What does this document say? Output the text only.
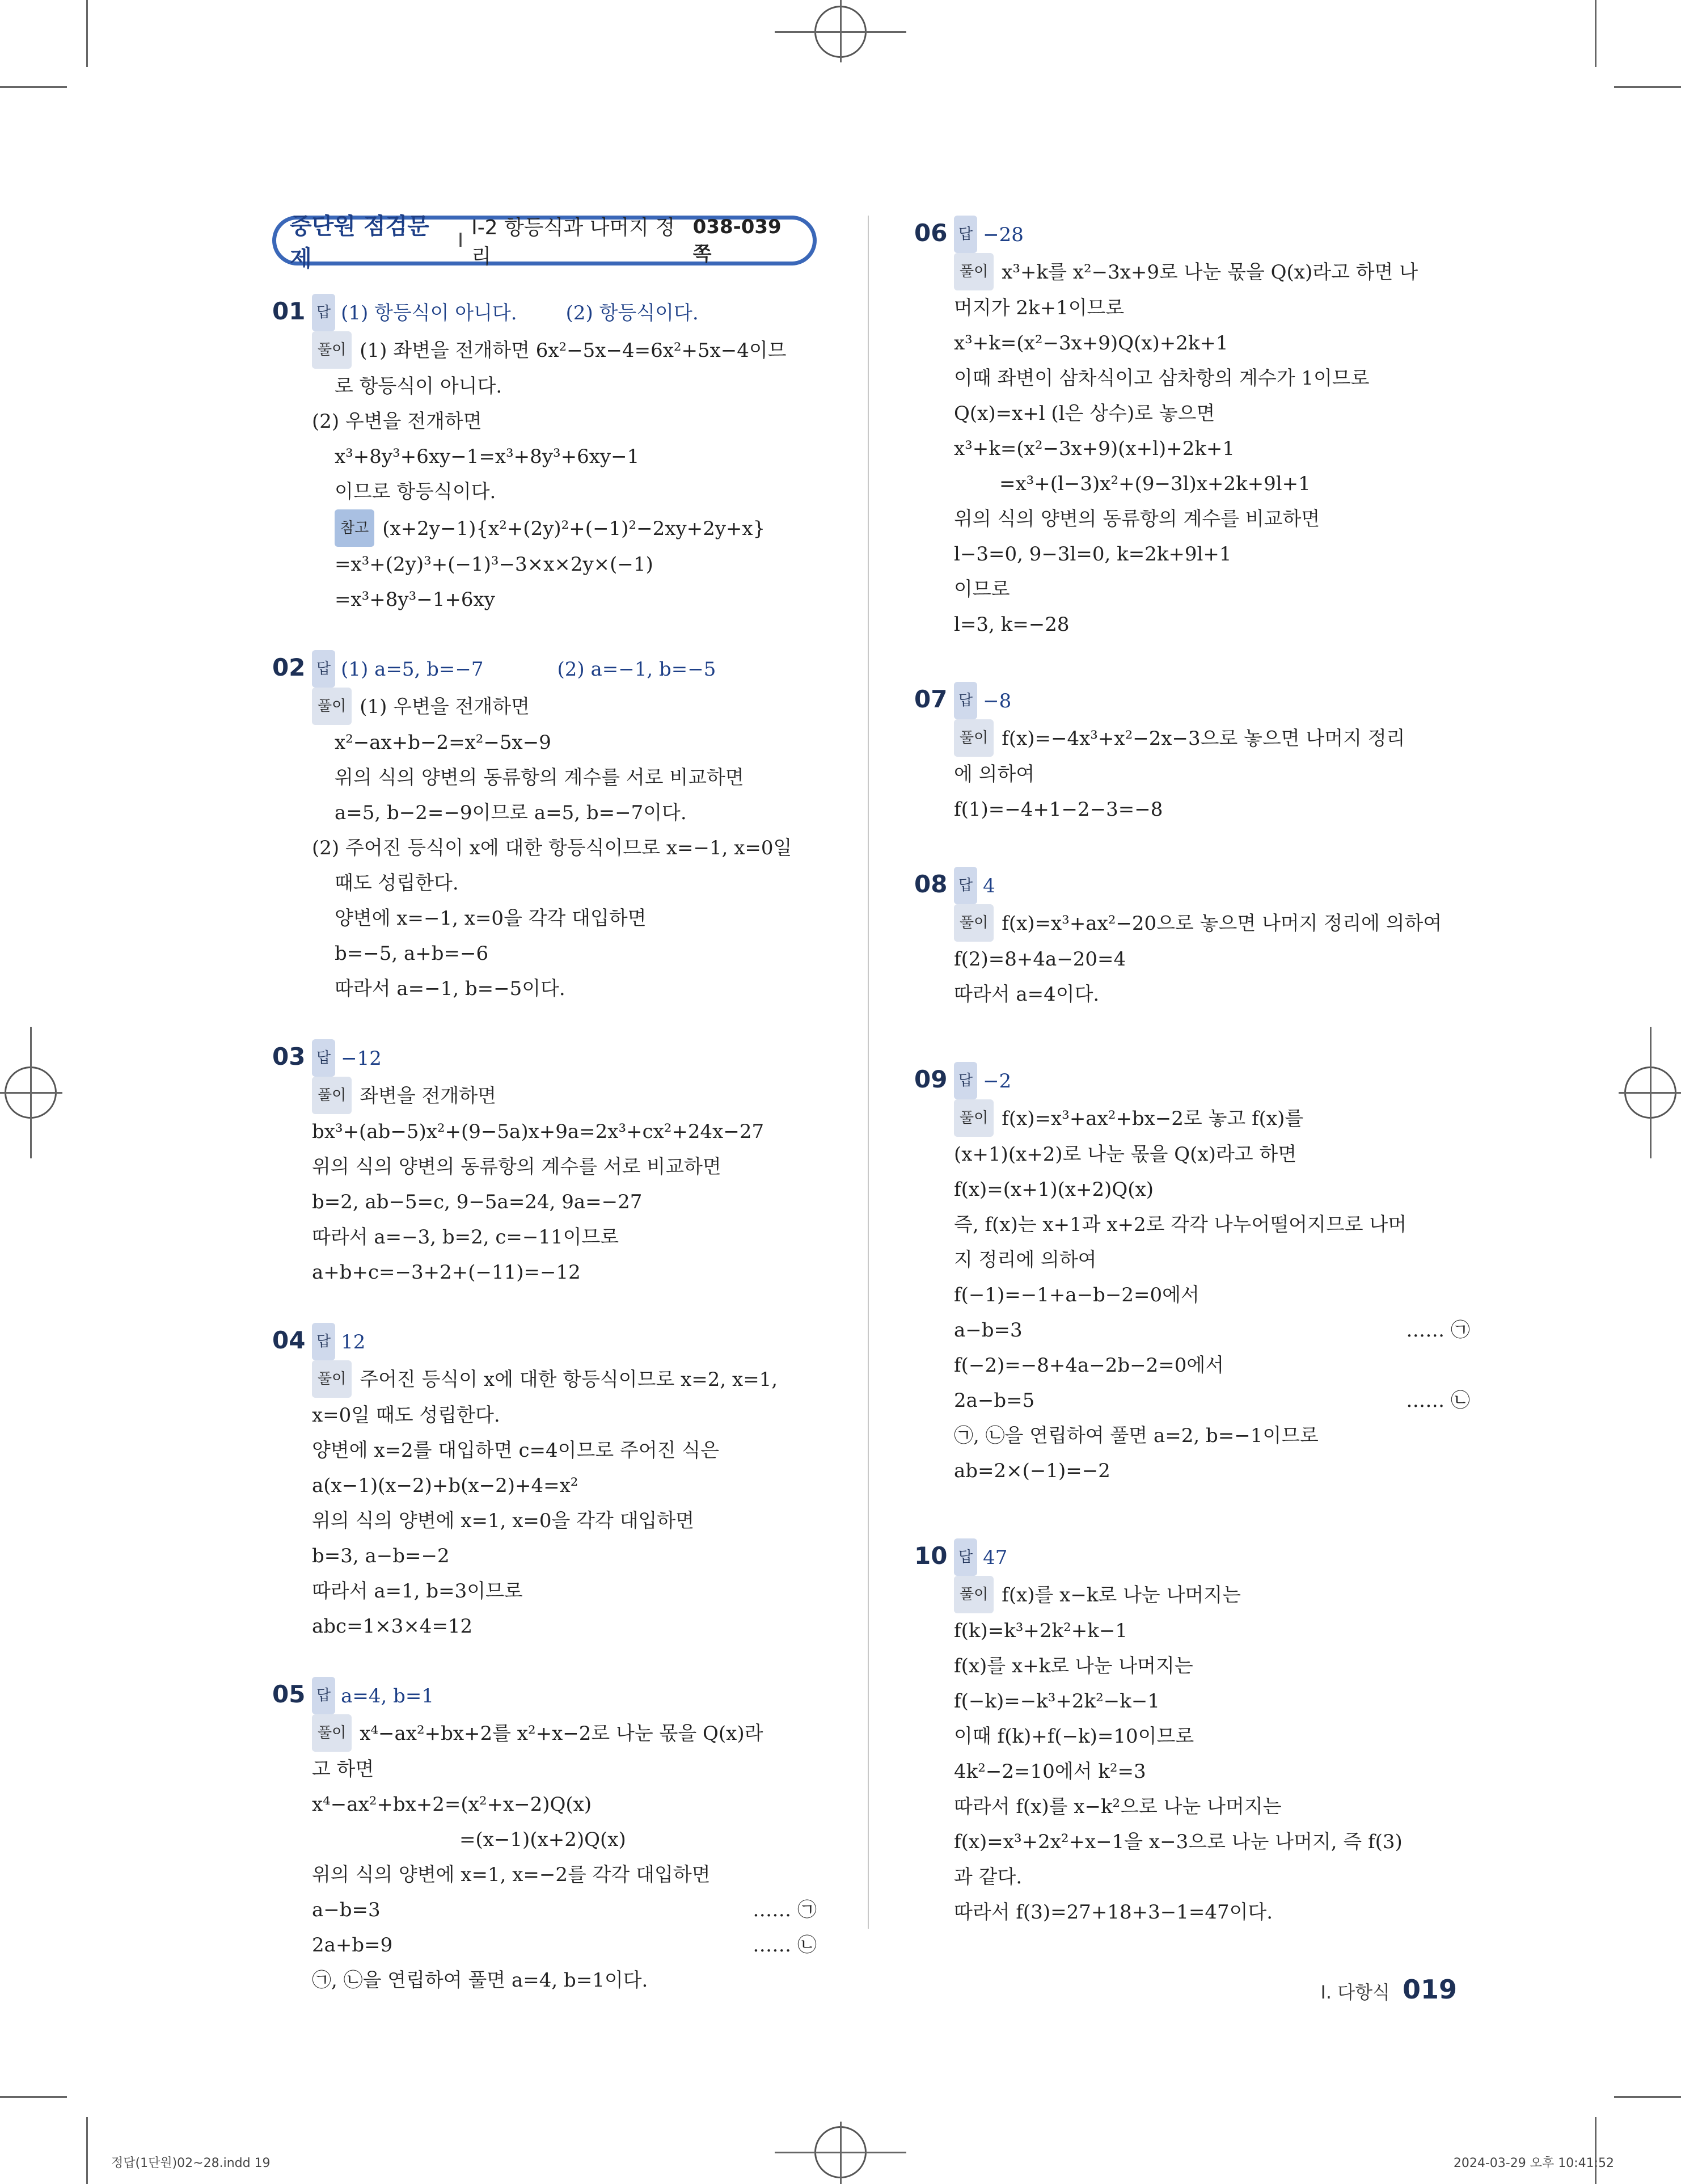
중단원 점검문제
I
I-2 항등식과 나머지 정리
038-039쪽
01 답 (1) 항등식이 아니다.	(2) 항등식이다.
풀이 (1) 좌변을 전개하면 6x²−5x−4=6x²+5x−4이므
로 항등식이 아니다.
(2) 우변을 전개하면
x³+8y³+6xy−1=x³+8y³+6xy−1
이므로 항등식이다.
참고 (x+2y−1){x²+(2y)²+(−1)²−2xy+2y+x}
=x³+(2y)³+(−1)³−3×x×2y×(−1)
=x³+8y³−1+6xy
02 답 (1) a=5, b=−7	(2) a=−1, b=−5
풀이 (1) 우변을 전개하면
x²−ax+b−2=x²−5x−9
위의 식의 양변의 동류항의 계수를 서로 비교하면
a=5, b−2=−9이므로 a=5, b=−7이다.
(2) 주어진 등식이 x에 대한 항등식이므로 x=−1, x=0일
때도 성립한다.
양변에 x=−1, x=0을 각각 대입하면
b=−5, a+b=−6
따라서 a=−1, b=−5이다.
03 답 −12
풀이 좌변을 전개하면
bx³+(ab−5)x²+(9−5a)x+9a=2x³+cx²+24x−27
위의 식의 양변의 동류항의 계수를 서로 비교하면
b=2, ab−5=c, 9−5a=24, 9a=−27
따라서 a=−3, b=2, c=−11이므로
a+b+c=−3+2+(−11)=−12
04 답 12
풀이 주어진 등식이 x에 대한 항등식이므로 x=2, x=1,
x=0일 때도 성립한다.
양변에 x=2를 대입하면 c=4이므로 주어진 식은
a(x−1)(x−2)+b(x−2)+4=x²
위의 식의 양변에 x=1, x=0을 각각 대입하면
b=3, a−b=−2
따라서 a=1, b=3이므로
abc=1×3×4=12
05 답 a=4, b=1
풀이 x⁴−ax²+bx+2를 x²+x−2로 나눈 몫을 Q(x)라
고 하면
x⁴−ax²+bx+2=(x²+x−2)Q(x)
=(x−1)(x+2)Q(x)
위의 식의 양변에 x=1, x=−2를 각각 대입하면
a−b=3	…… ㉠
2a+b=9	…… ㉡
㉠, ㉡을 연립하여 풀면 a=4, b=1이다.
06 답 −28
풀이 x³+k를 x²−3x+9로 나눈 몫을 Q(x)라고 하면 나
머지가 2k+1이므로
x³+k=(x²−3x+9)Q(x)+2k+1
이때 좌변이 삼차식이고 삼차항의 계수가 1이므로
Q(x)=x+l (l은 상수)로 놓으면
x³+k=(x²−3x+9)(x+l)+2k+1
=x³+(l−3)x²+(9−3l)x+2k+9l+1
위의 식의 양변의 동류항의 계수를 비교하면
l−3=0, 9−3l=0, k=2k+9l+1
이므로
l=3, k=−28
07 답 −8
풀이 f(x)=−4x³+x²−2x−3으로 놓으면 나머지 정리
에 의하여
f(1)=−4+1−2−3=−8
08 답 4
풀이 f(x)=x³+ax²−20으로 놓으면 나머지 정리에 의하여
f(2)=8+4a−20=4
따라서 a=4이다.
09 답 −2
풀이 f(x)=x³+ax²+bx−2로 놓고 f(x)를
(x+1)(x+2)로 나눈 몫을 Q(x)라고 하면
f(x)=(x+1)(x+2)Q(x)
즉, f(x)는 x+1과 x+2로 각각 나누어떨어지므로 나머
지 정리에 의하여
f(−1)=−1+a−b−2=0에서
a−b=3	…… ㉠
f(−2)=−8+4a−2b−2=0에서
2a−b=5	…… ㉡
㉠, ㉡을 연립하여 풀면 a=2, b=−1이므로
ab=2×(−1)=−2
10 답 47
풀이 f(x)를 x−k로 나눈 나머지는
f(k)=k³+2k²+k−1
f(x)를 x+k로 나눈 나머지는
f(−k)=−k³+2k²−k−1
이때 f(k)+f(−k)=10이므로
4k²−2=10에서 k²=3
따라서 f(x)를 x−k²으로 나눈 나머지는
f(x)=x³+2x²+x−1을 x−3으로 나눈 나머지, 즉 f(3)
과 같다.
따라서 f(3)=27+18+3−1=47이다.
I. 다항식 019
정답(1단원)02~28.indd 19	2024-03-29 오후 10:41:52
